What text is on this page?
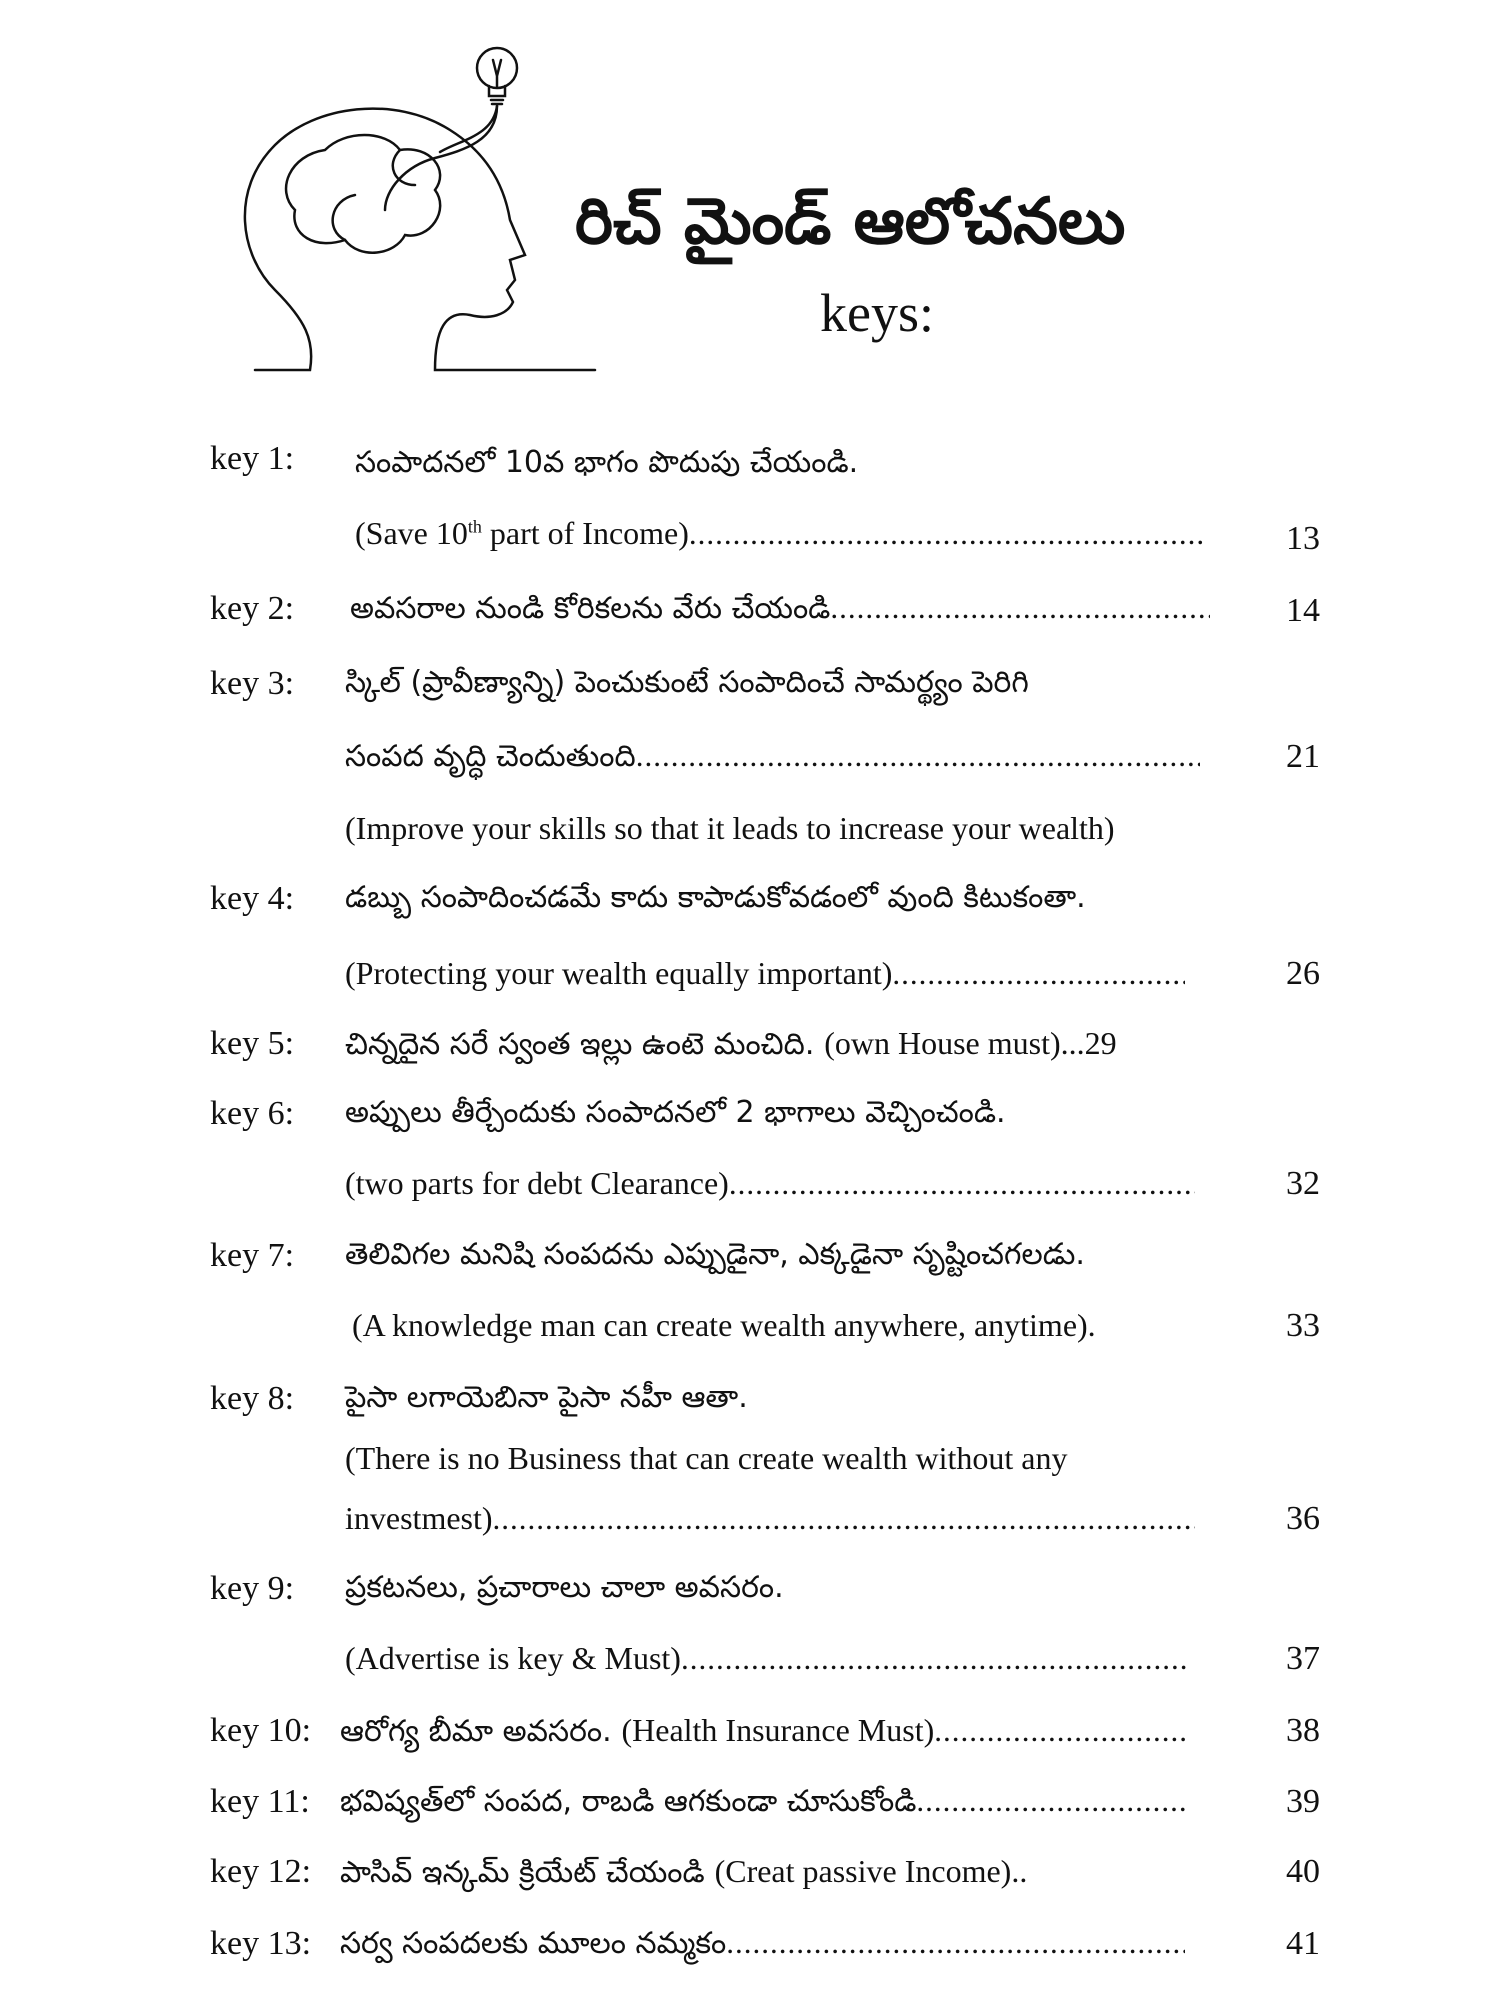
రిచ్ మైండ్ ఆలోచనలు
keys:
key 1: సంపాదనలో 10వ భాగం పొదుపు చేయండి.
(Save 10th part of Income) .....	13
key 2: అవసరాల నుండి కోరికలను వేరు చేయండి .....	14
key 3: స్కిల్ (ప్రావీణ్యాన్ని) పెంచుకుంటే సంపాదించే సామర్థ్యం పెరిగి
సంపద వృద్ధి చెందుతుంది .....	21
(Improve your skills so that it leads to increase your wealth)
key 4: డబ్బు సంపాదించడమే కాదు కాపాడుకోవడంలో వుంది కిటుకంతా.
(Protecting your wealth equally important) .....	26
key 5: చిన్నదైన సరే స్వంత ఇల్లు ఉంటె మంచిది.
(own House must)...29
key 6: అప్పులు తీర్చేందుకు సంపాదనలో 2 భాగాలు వెచ్చించండి.
(two parts for debt Clearance) .....	32
key 7: తెలివిగల మనిషి సంపదను ఎప్పుడైనా, ఎక్కడైనా సృష్టించగలడు.
(A knowledge man can create wealth anywhere, anytime).	33
key 8: పైసా లగాయెబినా పైసా నహీ ఆతా.
(There is no Business that can create wealth without any
investmest) .....	36
key 9: ప్రకటనలు, ప్రచారాలు చాలా అవసరం.
(Advertise is key & Must) .....	37
key 10: ఆరోగ్య బీమా అవసరం.
(Health Insurance Must) .....	38
key 11: భవిష్యత్‌లో సంపద, రాబడి ఆగకుండా చూసుకోండి .....	39
key 12: పాసివ్ ఇన్కమ్ క్రియేట్ చేయండి
(Creat passive Income)..	40
key 13: సర్వ సంపదలకు మూలం నమ్మకం .....	41
